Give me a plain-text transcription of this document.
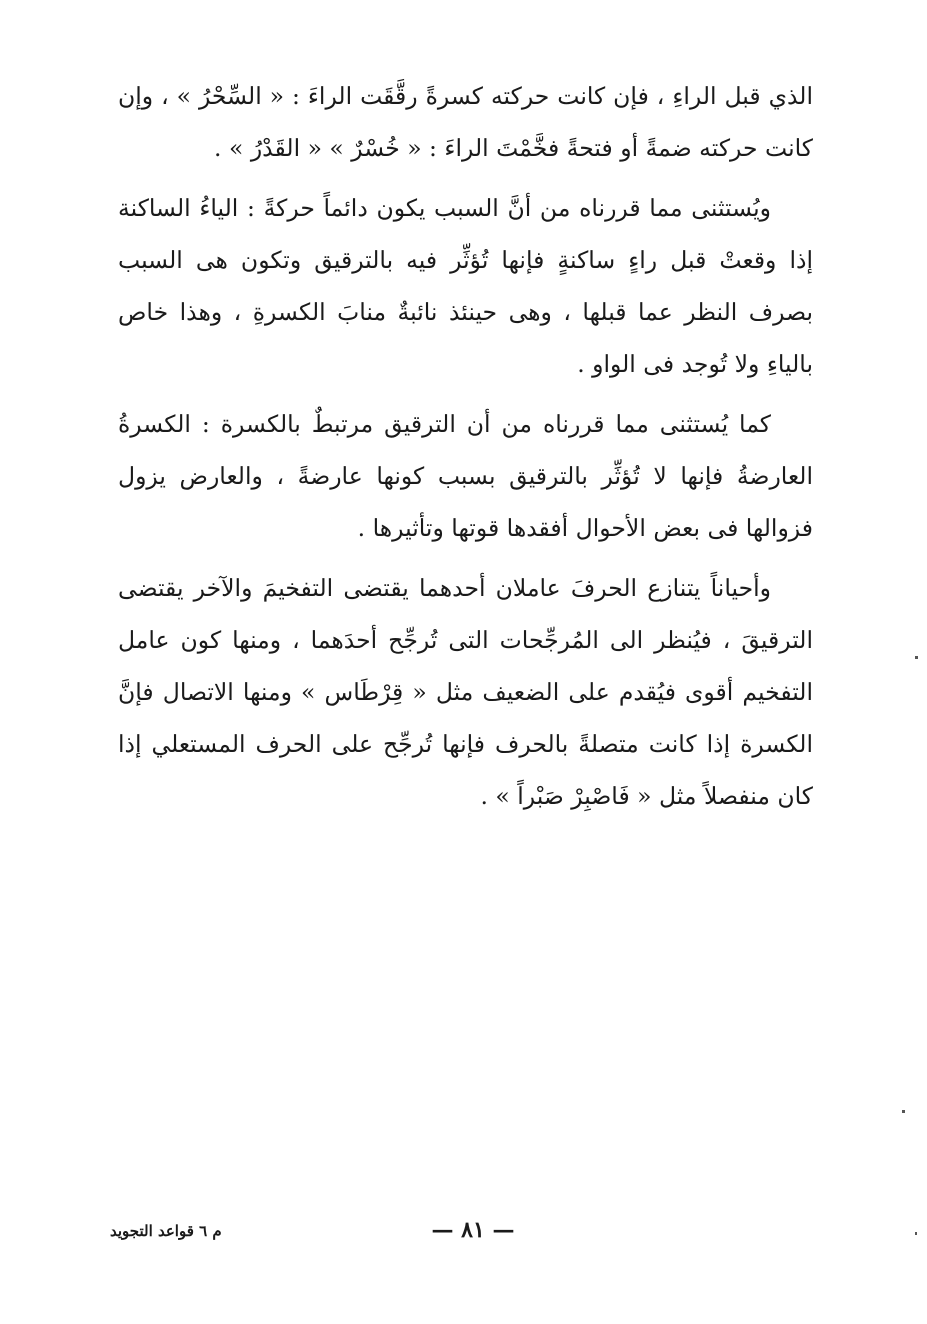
الذي قبل الراءِ ، فإن كانت حركته كسرةً رقَّقَت الراءَ : « السِّحْرُ » ، وإن كانت حركته ضمةً أو فتحةً فخَّمْتَ الراءَ : « خُسْرٌ » « القَدْرُ » .

ويُستثنى مما قررناه من أنَّ السبب يكون دائماً حركةً : الياءُ الساكنة إذا وقعتْ قبل راءٍ ساكنةٍ فإنها تُؤثِّر فيه بالترقيق وتكون هى السبب بصرف النظر عما قبلها ، وهى حينئذ نائبةٌ منابَ الكسرةِ ، وهذا خاص بالياءِ ولا تُوجد فى الواو .

كما يُستثنى مما قررناه من أن الترقيق مرتبطٌ بالكسرة : الكسرةُ العارضةُ فإنها لا تُؤثِّر بالترقيق بسبب كونها عارضةً ، والعارض يزول فزوالها فى بعض الأحوال أفقدها قوتها وتأثيرها .

وأحياناً يتنازع الحرفَ عاملان أحدهما يقتضى التفخيمَ والآخر يقتضى الترقيقَ ، فيُنظر الى المُرجِّحات التى تُرجِّح أحدَهما ، ومنها كون عامل التفخيم أقوى فيُقدم على الضعيف مثل « قِرْطَاس » ومنها الاتصال فإنَّ الكسرة إذا كانت متصلةً بالحرف فإنها تُرجِّح على الحرف المستعلي إذا كان منفصلاً مثل « فَاصْبِرْ صَبْراً » .

— ٨١ —
م ٦ قواعد التجويد
